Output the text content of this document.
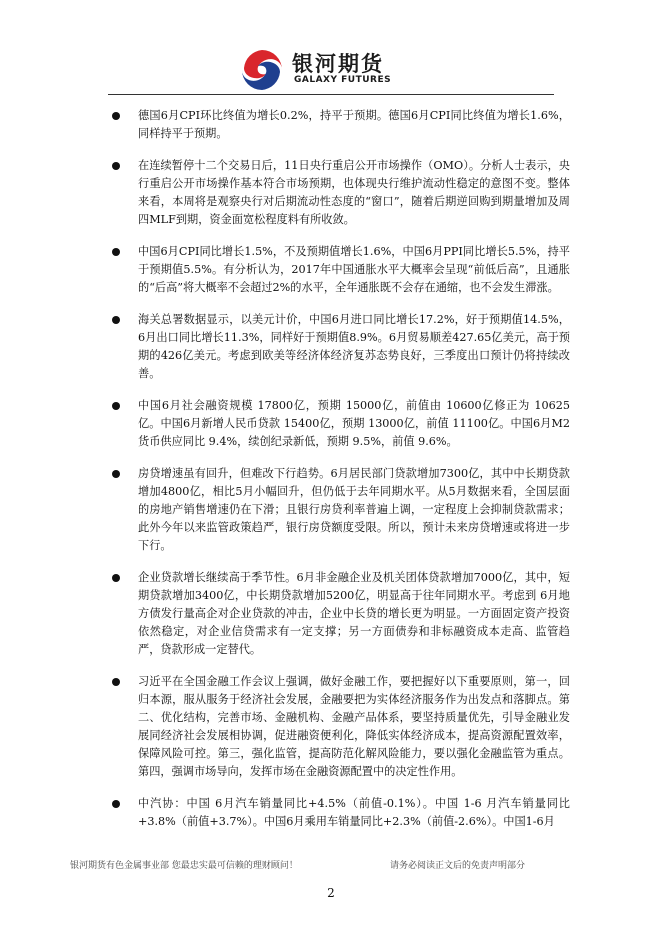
银河期货
GALAXY FUTURES
德国6月CPI环比终值为增长0.2%，持平于预期。德国6月CPI同比终值为增长1.6%，同样持平于预期。
在连续暂停十二个交易日后，11日央行重启公开市场操作（OMO）。分析人士表示，央行重启公开市场操作基本符合市场预期，也体现央行维护流动性稳定的意图不变。整体来看，本周将是观察央行对后期流动性态度的“窗口”，随着后期逆回购到期量增加及周四MLF到期，资金面宽松程度料有所收敛。
中国6月CPI同比增长1.5%，不及预期值增长1.6%，中国6月PPI同比增长5.5%，持平于预期值5.5%。有分析认为，2017年中国通胀水平大概率会呈现“前低后高”，且通胀的“后高”将大概率不会超过2%的水平，全年通胀既不会存在通缩，也不会发生滞涨。
海关总署数据显示，以美元计价，中国6月进口同比增长17.2%，好于预期值14.5%，6月出口同比增长11.3%，同样好于预期值8.9%。6月贸易顺差427.65亿美元，高于预期的426亿美元。考虑到欧美等经济体经济复苏态势良好，三季度出口预计仍将持续改善。
中国6月社会融资规模 17800亿，预期 15000亿，前值由 10600亿修正为 10625亿。中国6月新增人民币贷款 15400亿，预期 13000亿，前值 11100亿。中国6月M2货币供应同比 9.4%，续创纪录新低，预期 9.5%，前值 9.6%。
房贷增速虽有回升，但难改下行趋势。6月居民部门贷款增加7300亿，其中中长期贷款增加4800亿，相比5月小幅回升，但仍低于去年同期水平。从5月数据来看，全国层面的房地产销售增速仍在下滑；且银行房贷利率普遍上调，一定程度上会抑制贷款需求；此外今年以来监管政策趋严，银行房贷额度受限。所以，预计未来房贷增速或将进一步下行。
企业贷款增长继续高于季节性。6月非金融企业及机关团体贷款增加7000亿，其中，短期贷款增加3400亿，中长期贷款增加5200亿，明显高于往年同期水平。考虑到 6月地方债发行量高企对企业贷款的冲击，企业中长贷的增长更为明显。一方面固定资产投资依然稳定，对企业信贷需求有一定支撑；另一方面债券和非标融资成本走高、监管趋严，贷款形成一定替代。
习近平在全国金融工作会议上强调，做好金融工作，要把握好以下重要原则，第一，回归本源，服从服务于经济社会发展，金融要把为实体经济服务作为出发点和落脚点。第二、优化结构，完善市场、金融机构、金融产品体系，要坚持质量优先，引导金融业发展同经济社会发展相协调，促进融资便利化，降低实体经济成本，提高资源配置效率，保障风险可控。第三，强化监管，提高防范化解风险能力，要以强化金融监管为重点。第四，强调市场导向，发挥市场在金融资源配置中的决定性作用。
中汽协：中国 6月汽车销量同比+4.5%（前值-0.1%）。中国 1-6 月汽车销量同比+3.8%（前值+3.7%）。中国6月乘用车销量同比+2.3%（前值-2.6%）。中国1-6月
银河期货有色金属事业部 您最忠实最可信赖的理财顾问！	请务必阅读正文后的免责声明部分
2
